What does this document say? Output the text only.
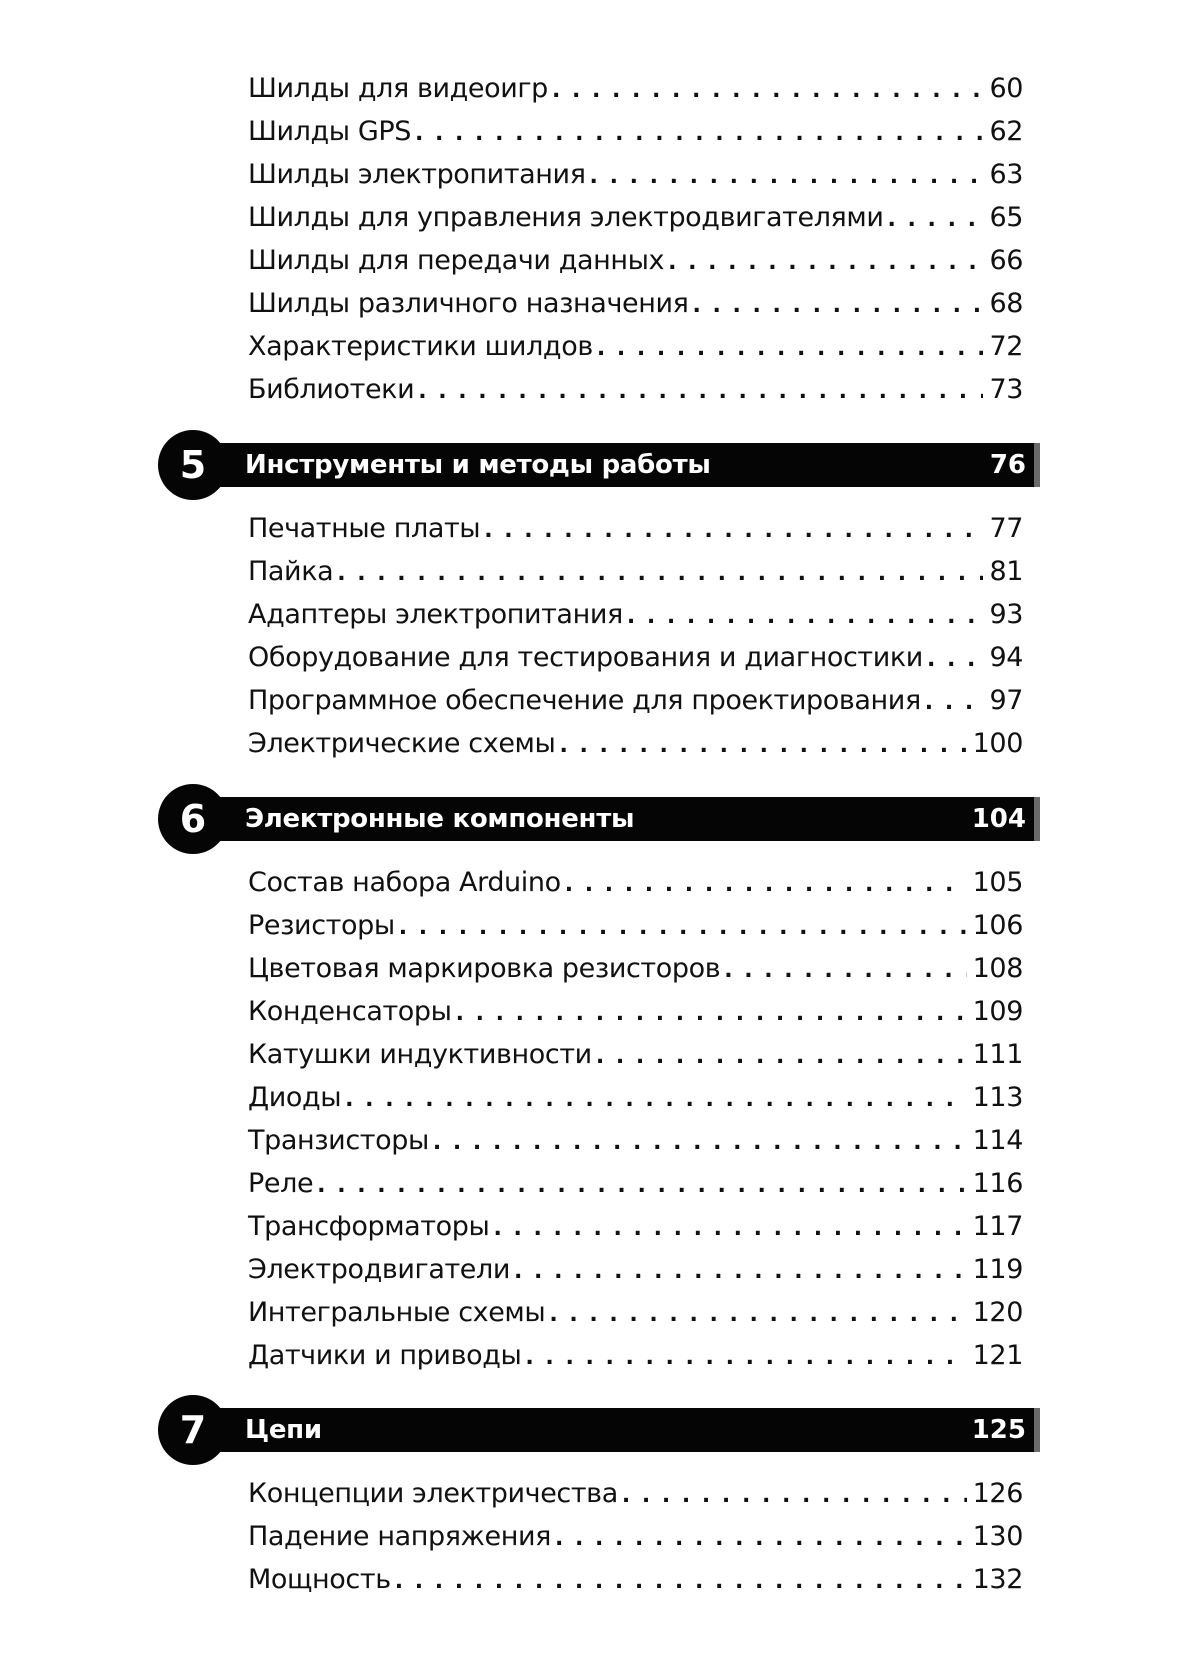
Шилды для видеоигр . . .	60
Шилды GPS . . .	62
Шилды электропитания . . .	63
Шилды для управления электродвигателями . . .	65
Шилды для передачи данных . . .	66
Шилды различного назначения . . .	68
Характеристики шилдов . . .	72
Библиотеки . . .	73
5	Инструменты и методы работы	76
Печатные платы . . .	77
Пайка . . .	81
Адаптеры электропитания . . .	93
Оборудование для тестирования и диагностики . . . 94
Программное обеспечение для проектирования . . .	97
Электрические схемы . . .	100
6	Электронные компоненты	104
Состав набора Arduino . . .	105
Резисторы . . .	106
Цветовая маркировка резисторов . . .	108
Конденсаторы . . .	109
Катушки индуктивности . . .	111
Диоды . . .	113
Транзисторы . . .	114
Реле . . .	116
Трансформаторы . . .	117
Электродвигатели . . .	119
Интегральные схемы . . .	120
Датчики и приводы . . .	121
7	Цепи	125
Концепции электричества . . .	126
Падение напряжения . . .	130
Мощность . . .	132
